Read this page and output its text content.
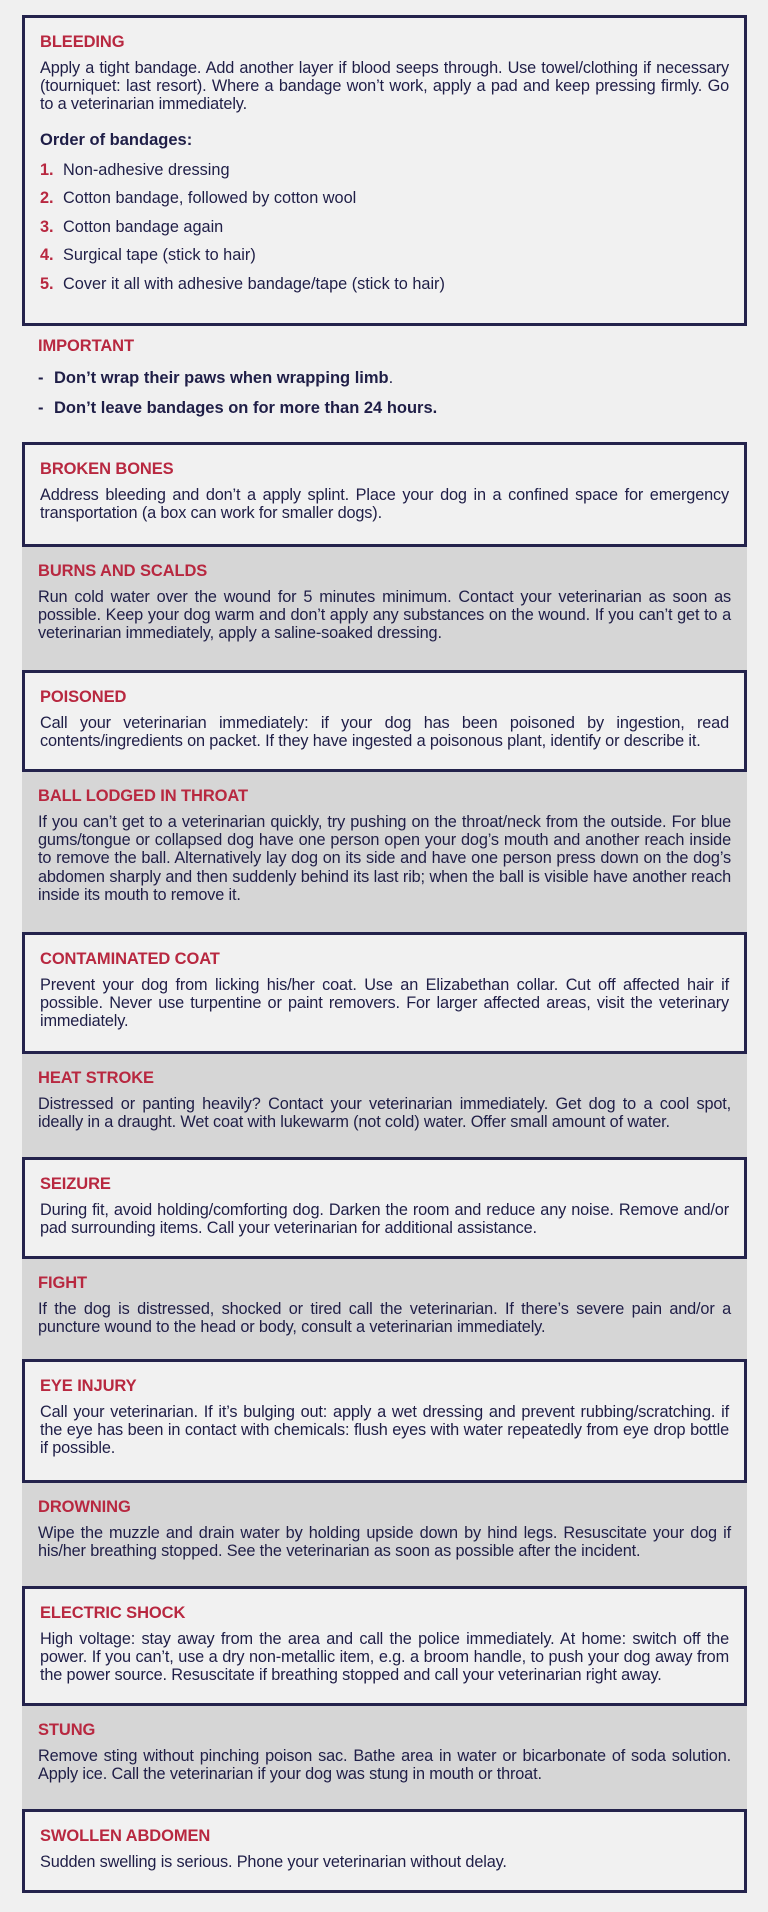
BLEEDING

Apply a tight bandage. Add another layer if blood seeps through. Use towel/clothing if necessary (tourniquet: last resort). Where a bandage won’t work, apply a pad and keep pressing firmly. Go to a veterinarian immediately.

Order of bandages:
1. Non-adhesive dressing
2. Cotton bandage, followed by cotton wool
3. Cotton bandage again
4. Surgical tape (stick to hair)
5. Cover it all with adhesive bandage/tape (stick to hair)
IMPORTANT
- Don’t wrap their paws when wrapping limb .
- Don’t leave bandages on for more than 24 hours.
BROKEN BONES

Address bleeding and don’t a apply splint. Place your dog in a confined space for emergency transportation (a box can work for smaller dogs).

BURNS AND SCALDS

Run cold water over the wound for 5 minutes minimum. Contact your veterinarian as soon as possible. Keep your dog warm and don’t apply any substances on the wound. If you can’t get to a veterinarian immediately, apply a saline-soaked dressing.

POISONED

Call your veterinarian immediately: if your dog has been poisoned by ingestion, read contents/ingredients on packet. If they have ingested a poisonous plant, identify or describe it.

BALL LODGED IN THROAT

If you can’t get to a veterinarian quickly, try pushing on the throat/neck from the outside. For blue gums/tongue or collapsed dog have one person open your dog’s mouth and another reach inside to remove the ball. Alternatively lay dog on its side and have one person press down on the dog’s abdomen sharply and then suddenly behind its last rib; when the ball is visible have another reach inside its mouth to remove it.

CONTAMINATED COAT

Prevent your dog from licking his/her coat. Use an Elizabethan collar. Cut off affected hair if possible. Never use turpentine or paint removers. For larger affected areas, visit the veterinary immediately.

HEAT STROKE

Distressed or panting heavily? Contact your veterinarian immediately. Get dog to a cool spot, ideally in a draught. Wet coat with lukewarm (not cold) water. Offer small amount of water.

SEIZURE

During fit, avoid holding/comforting dog. Darken the room and reduce any noise. Remove and/or pad surrounding items. Call your veterinarian for additional assistance.

FIGHT

If the dog is distressed, shocked or tired call the veterinarian. If there’s severe pain and/or a puncture wound to the head or body, consult a veterinarian immediately.

EYE INJURY

Call your veterinarian. If it’s bulging out: apply a wet dressing and prevent rubbing/scratching. if the eye has been in contact with chemicals: flush eyes with water repeatedly from eye drop bottle if possible.

DROWNING

Wipe the muzzle and drain water by holding upside down by hind legs. Resuscitate your dog if his/her breathing stopped. See the veterinarian as soon as possible after the incident.

ELECTRIC SHOCK

High voltage: stay away from the area and call the police immediately. At home: switch off the power. If you can’t, use a dry non-metallic item, e.g. a broom handle, to push your dog away from the power source. Resuscitate if breathing stopped and call your veterinarian right away.

STUNG

Remove sting without pinching poison sac. Bathe area in water or bicarbonate of soda solution. Apply ice. Call the veterinarian if your dog was stung in mouth or throat.

SWOLLEN ABDOMEN

Sudden swelling is serious. Phone your veterinarian without delay.
